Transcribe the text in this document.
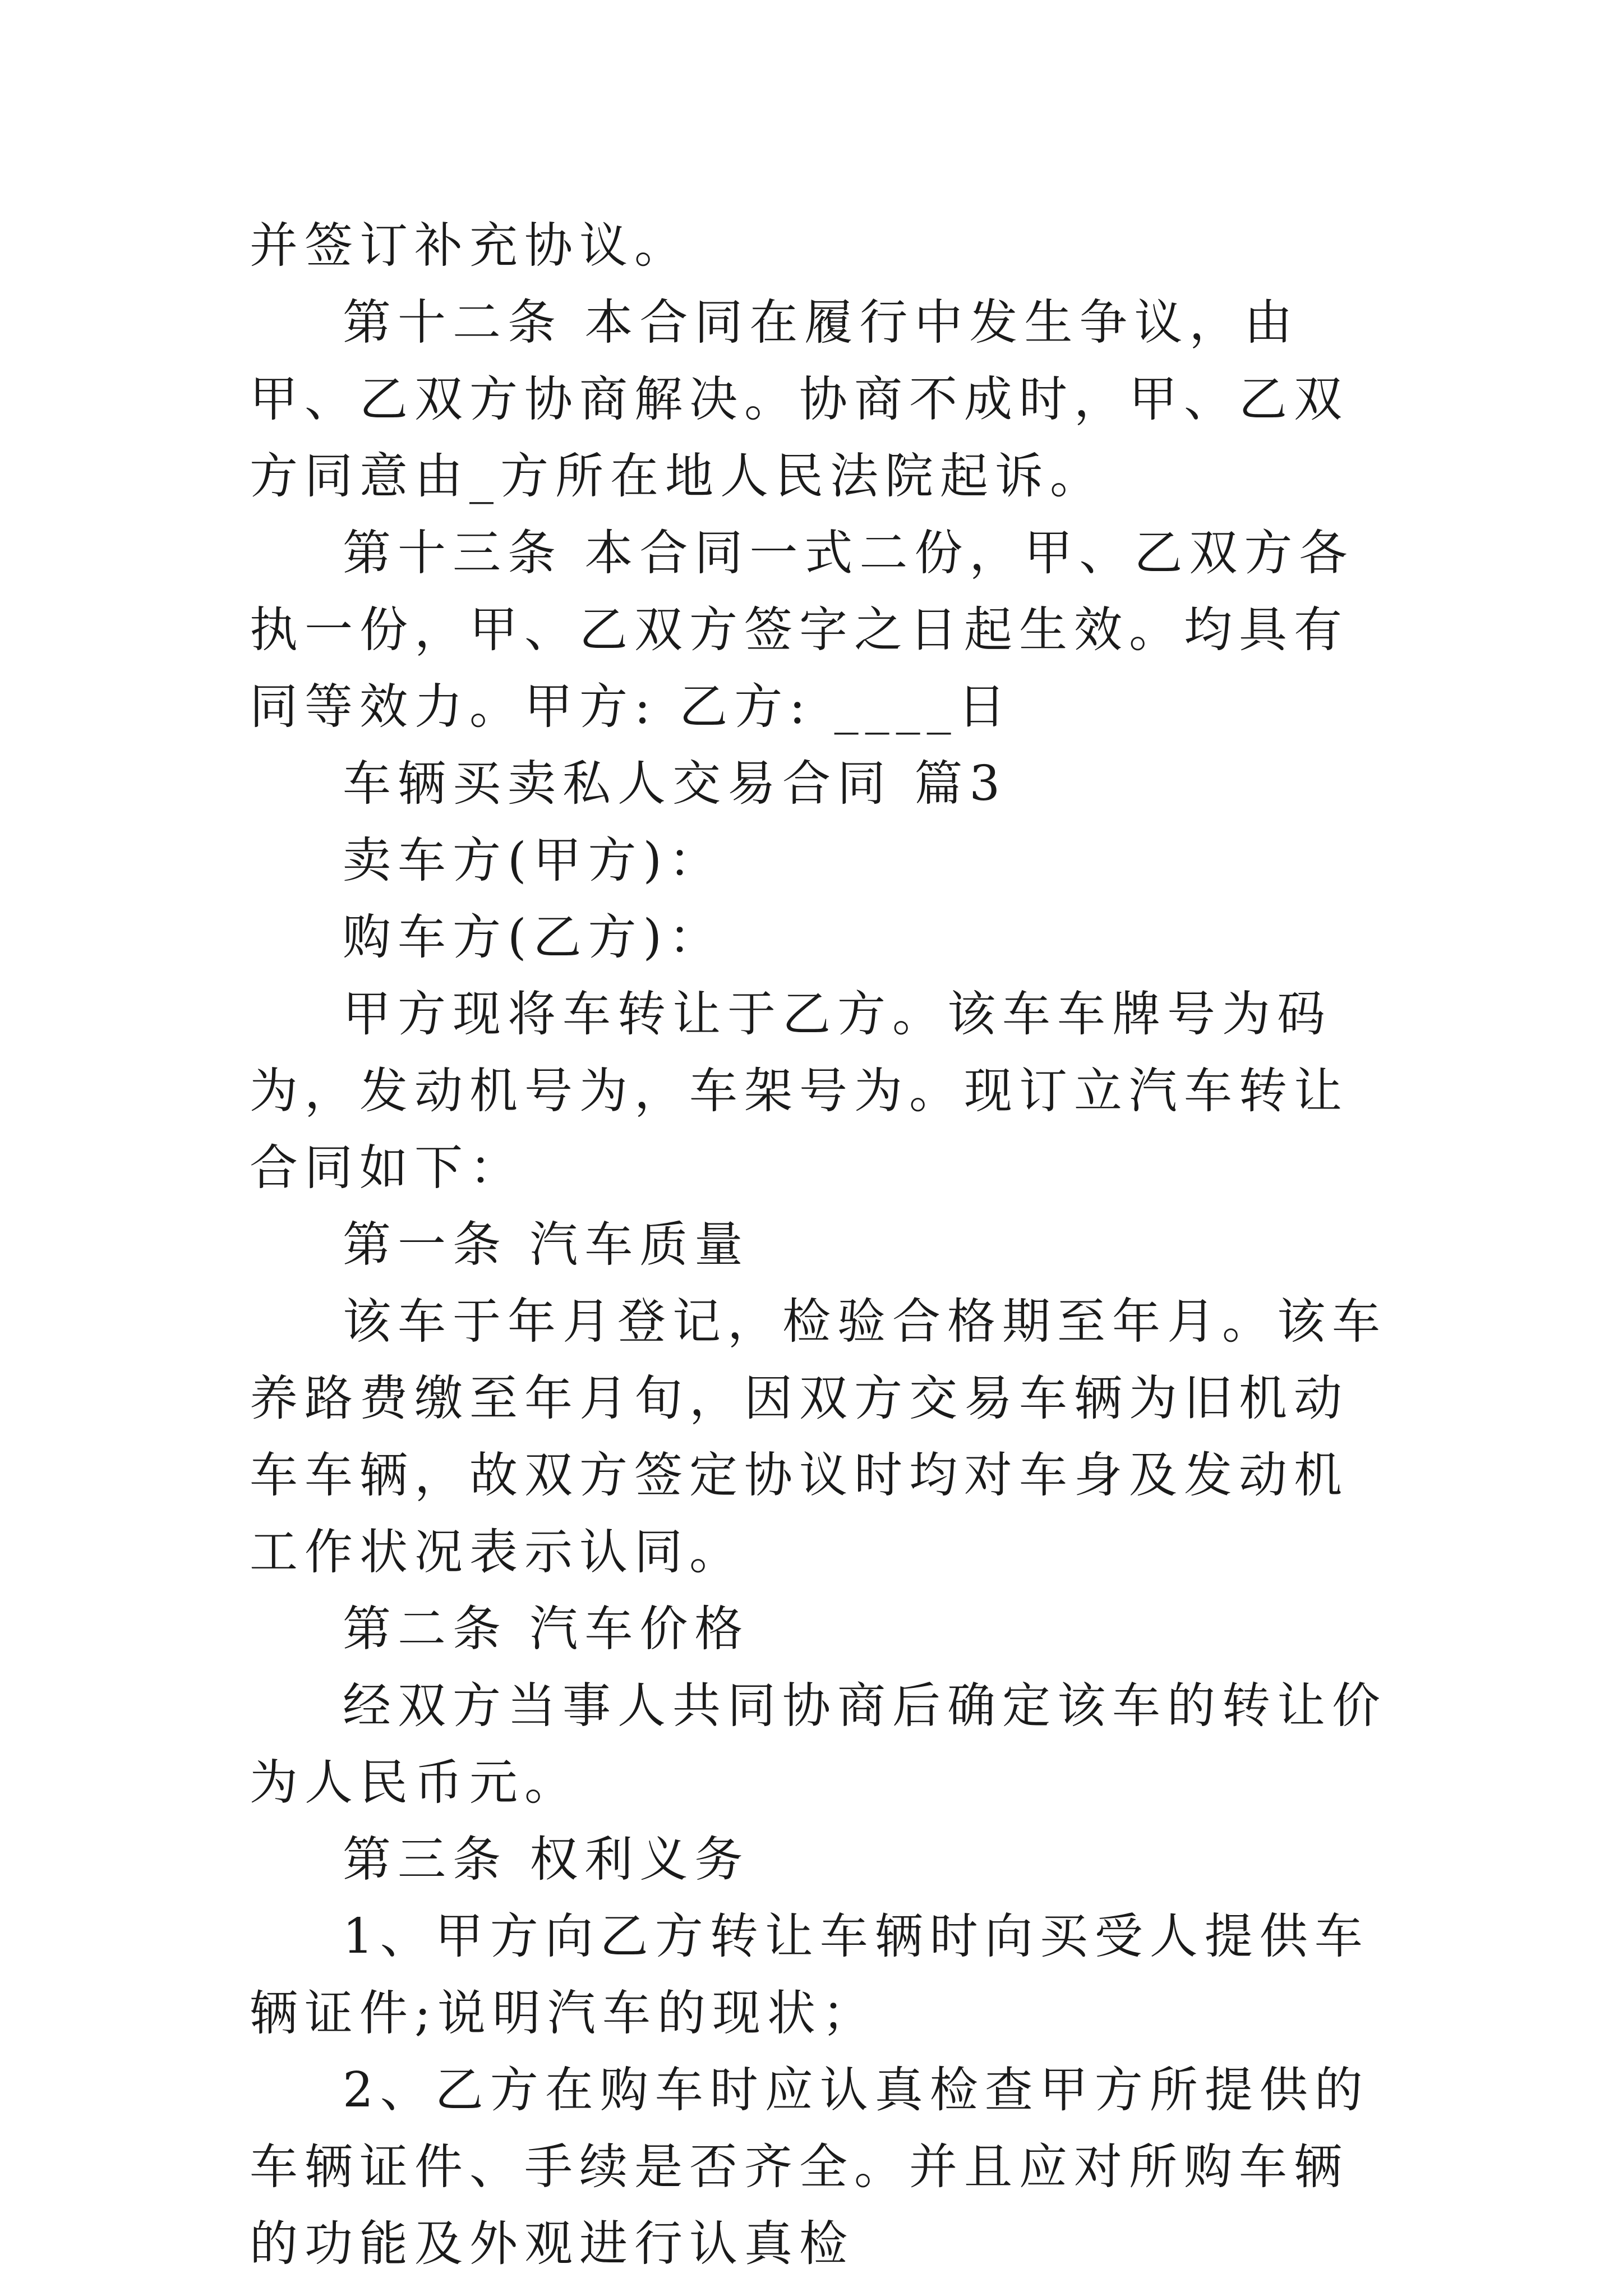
并签订补充协议。

第十二条 本合同在履行中发生争议，由甲、乙双方协商解决。协商不成时，甲、乙双方同意由_方所在地人民法院起诉。

第十三条 本合同一式二份，甲、乙双方各执一份，甲、乙双方签字之日起生效。均具有同等效力。甲方: 乙方: ____日

车辆买卖私人交易合同 篇3

卖车方(甲方)：

购车方(乙方)：

甲方现将车转让于乙方。该车车牌号为码为，发动机号为，车架号为。现订立汽车转让合同如下：

第一条 汽车质量

该车于年月登记，检验合格期至年月。该车养路费缴至年月旬，因双方交易车辆为旧机动车车辆，故双方签定协议时均对车身及发动机工作状况表示认同。

第二条 汽车价格

经双方当事人共同协商后确定该车的转让价为人民币元。

第三条 权利义务

1、甲方向乙方转让车辆时向买受人提供车辆证件;说明汽车的现状；

2、乙方在购车时应认真检查甲方所提供的车辆证件、手续是否齐全。并且应对所购车辆的功能及外观进行认真检
